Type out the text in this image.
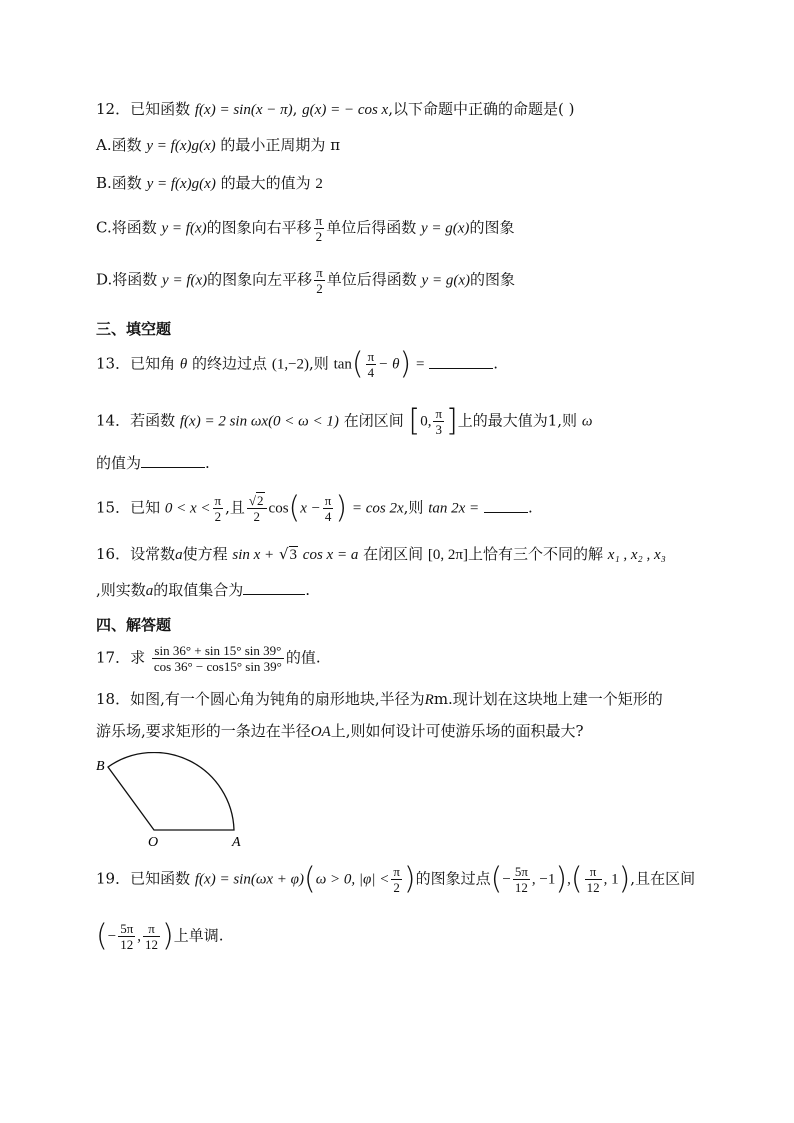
12．已知函数 f(x) = sin(x − π), g(x) = − cos x,以下命题中正确的命题是( )
A.函数 y = f(x)g(x) 的最小正周期为 π
B.函数 y = f(x)g(x) 的最大的值为 2
C.将函数 y = f(x)的图象向右平移 $\frac{\pi}{2}$ 单位后得函数 y = g(x)的图象
D.将函数 y = f(x)的图象向左平移 $\frac{\pi}{2}$ 单位后得函数 y = g(x)的图象
三、填空题
13．已知角 θ 的终边过点 (1,−2),则 $\tan( \frac{\pi}{4} - \theta)$ =	.
14．若函数 f(x) = 2 sin ωx(0 < ω < 1) 在闭区间 [0, $\frac{\pi}{3}$ ]上的最大值为1,则 ω
的值为	.
15．已知 $0 < x < \frac{\pi}{2}$ ,且 $\frac{√2}{2} \cos(x - \frac{\pi}{4}$ ) = cos 2x,则 tan 2x =	.
16．设常数a使方程 sin x + √3 cos x = a 在闭区间 [0, 2π]上恰有三个不同的解 x₁ , x₂ , x₃
,则实数a的取值集合为	.
四、解答题
17．求 $\frac{\sin 36^\circ + \sin 15^\circ \sin 39^\circ}{\cos 36^\circ - \cos 15^\circ \sin 39^\circ}$ 的值.
18．如图,有一个圆心角为钝角的扇形地块,半径为Rm.现计划在这块地上建一个矩形的
游乐场,要求矩形的一条边在半径OA上,则如何设计可使游乐场的面积最大?
B
O	A
19．已知函数 f(x) = sin(ωx + φ)(ω > 0, $|\varphi| < \frac{\pi}{2}$ )的图象过点(− $\frac{5\pi}{12}$ , $-1),( \frac{\pi}{12}$ , 1),且在区间
(− $\frac{5\pi}{12}$ , $\frac{\pi}{12}$ )上单调.
